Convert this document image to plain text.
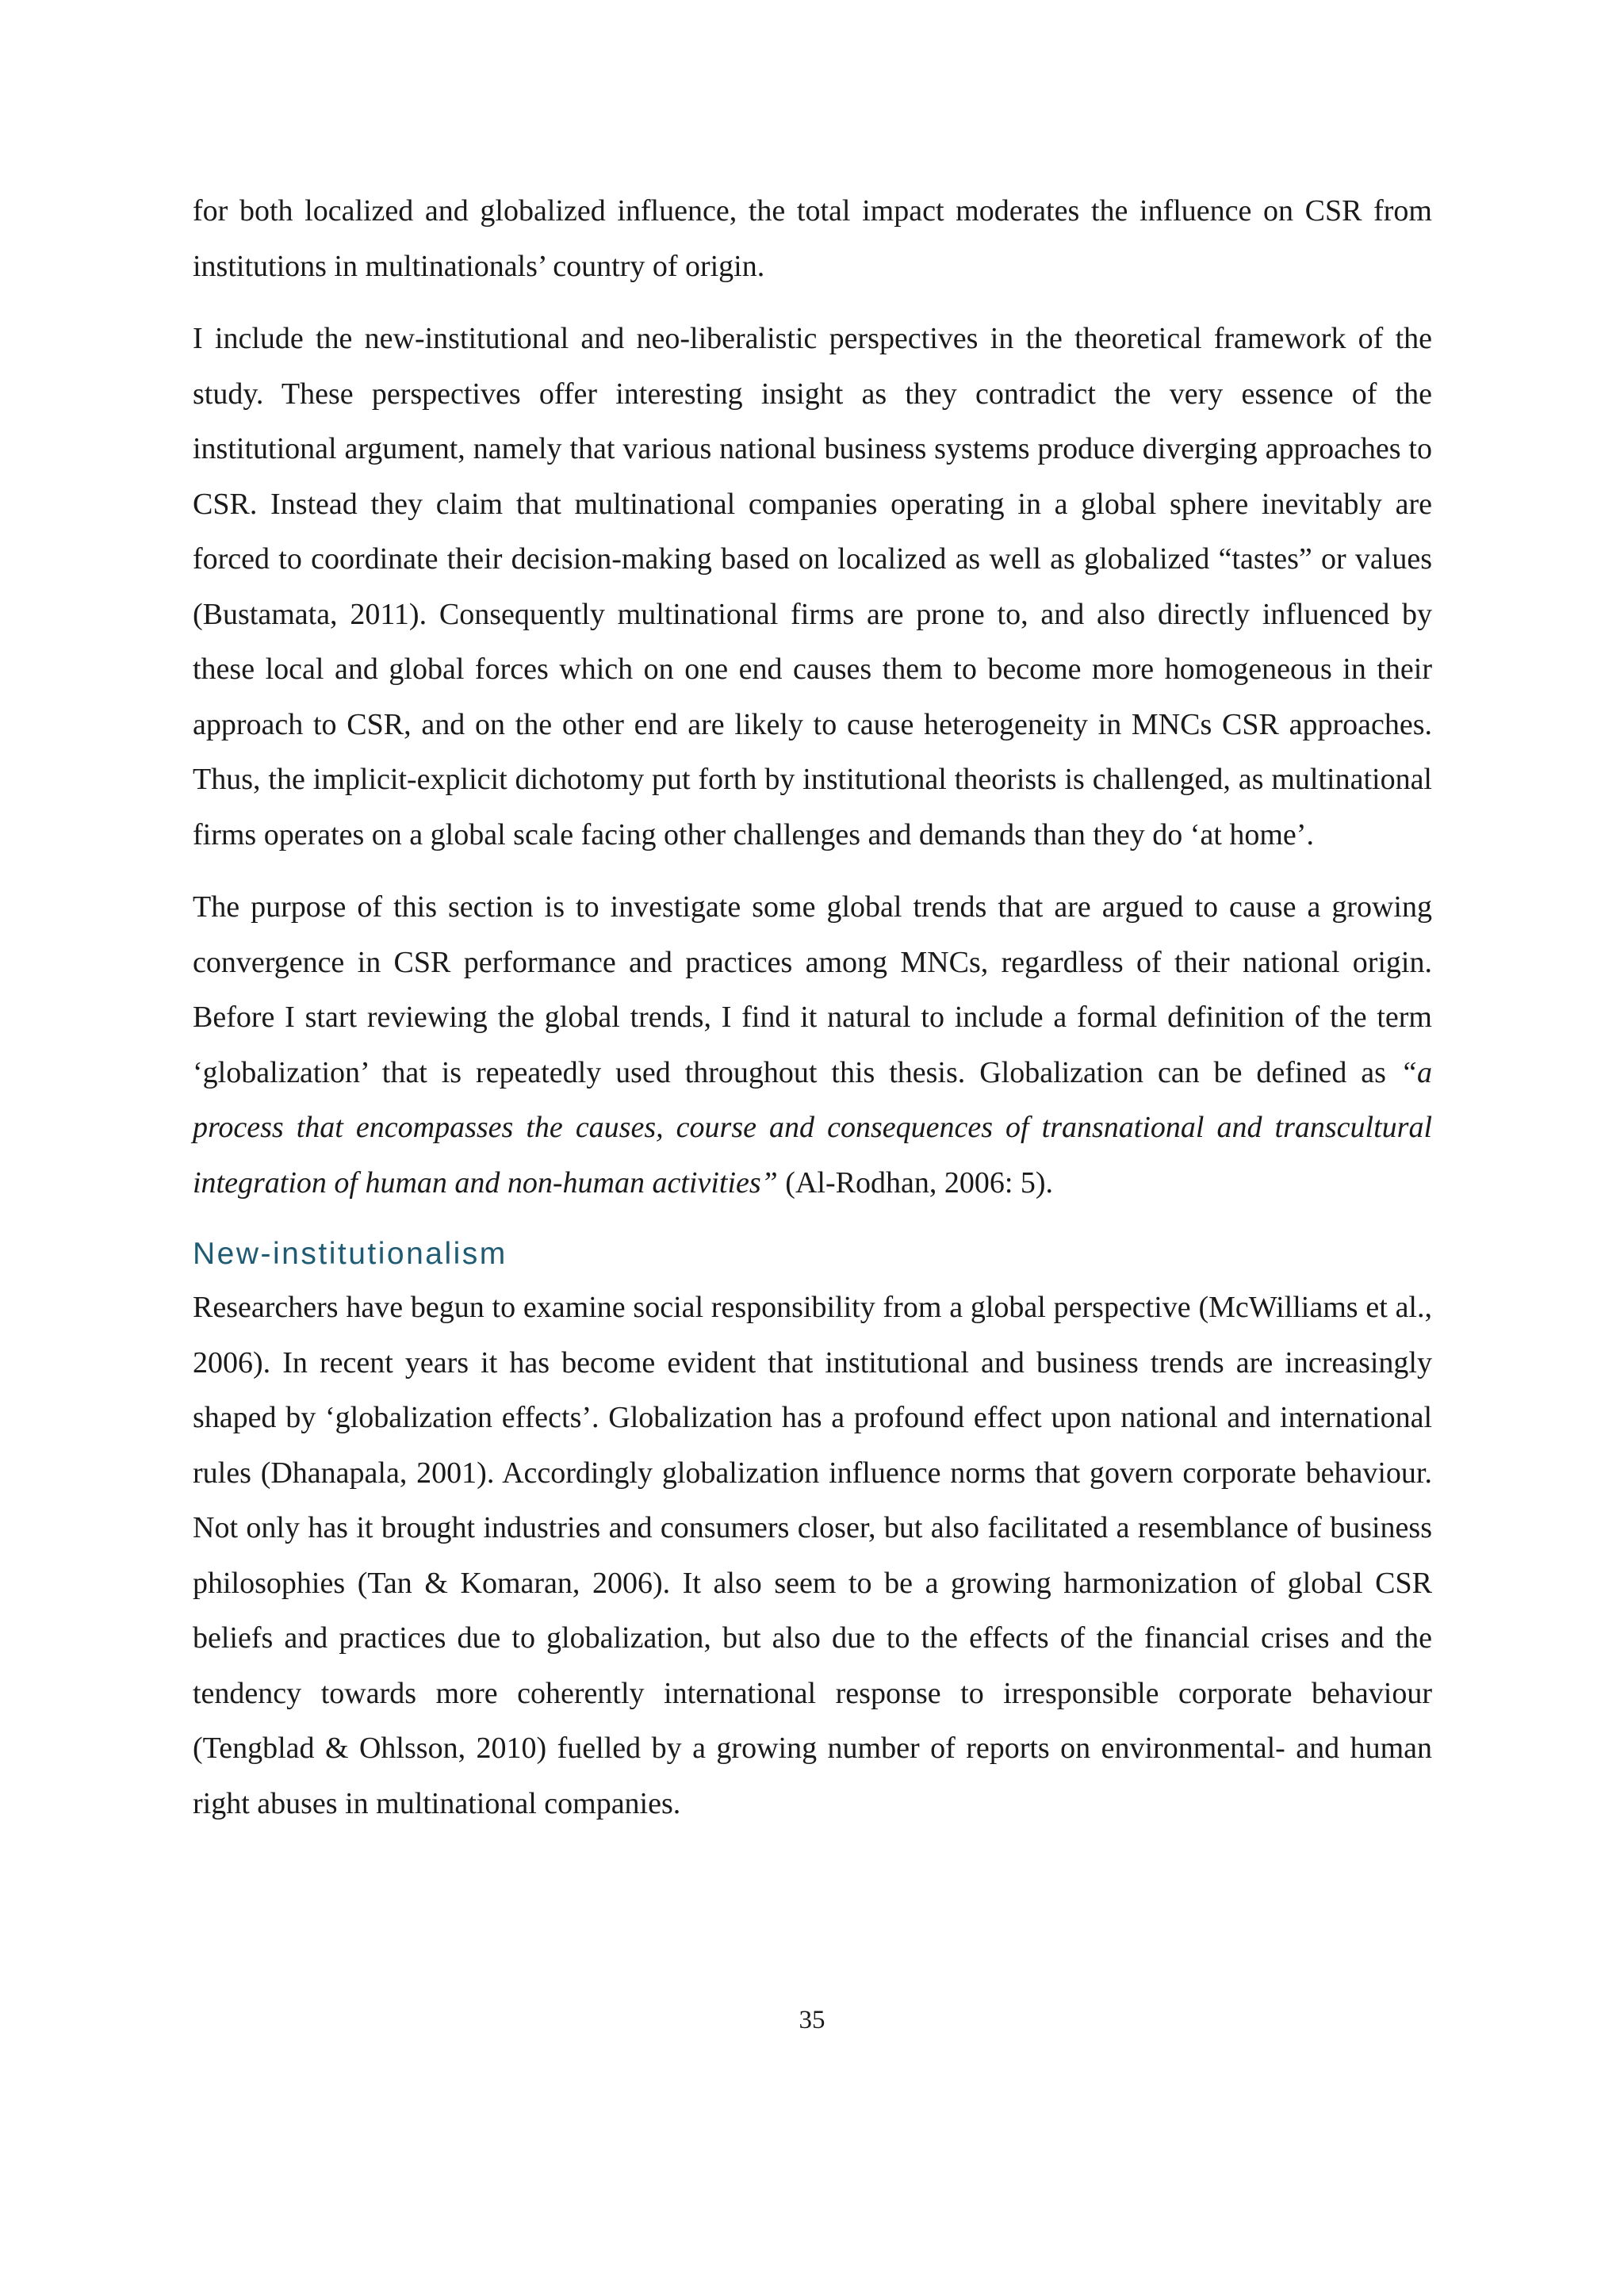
for both localized and globalized influence, the total impact moderates the influence on CSR from institutions in multinationals’ country of origin.

I include the new-institutional and neo-liberalistic perspectives in the theoretical framework of the study. These perspectives offer interesting insight as they contradict the very essence of the institutional argument, namely that various national business systems produce diverging approaches to CSR. Instead they claim that multinational companies operating in a global sphere inevitably are forced to coordinate their decision-making based on localized as well as globalized “tastes” or values (Bustamata, 2011). Consequently multinational firms are prone to, and also directly influenced by these local and global forces which on one end causes them to become more homogeneous in their approach to CSR, and on the other end are likely to cause heterogeneity in MNCs CSR approaches. Thus, the implicit-explicit dichotomy put forth by institutional theorists is challenged, as multinational firms operates on a global scale facing other challenges and demands than they do ‘at home’.

The purpose of this section is to investigate some global trends that are argued to cause a growing convergence in CSR performance and practices among MNCs, regardless of their national origin. Before I start reviewing the global trends, I find it natural to include a formal definition of the term ‘globalization’ that is repeatedly used throughout this thesis. Globalization can be defined as “a process that encompasses the causes, course and consequences of transnational and transcultural integration of human and non-human activities” (Al-Rodhan, 2006: 5).

New-institutionalism

Researchers have begun to examine social responsibility from a global perspective (McWilliams et al., 2006). In recent years it has become evident that institutional and business trends are increasingly shaped by ‘globalization effects’. Globalization has a profound effect upon national and international rules (Dhanapala, 2001). Accordingly globalization influence norms that govern corporate behaviour. Not only has it brought industries and consumers closer, but also facilitated a resemblance of business philosophies (Tan & Komaran, 2006). It also seem to be a growing harmonization of global CSR beliefs and practices due to globalization, but also due to the effects of the financial crises and the tendency towards more coherently international response to irresponsible corporate behaviour (Tengblad & Ohlsson, 2010) fuelled by a growing number of reports on environmental- and human right abuses in multinational companies.

35
